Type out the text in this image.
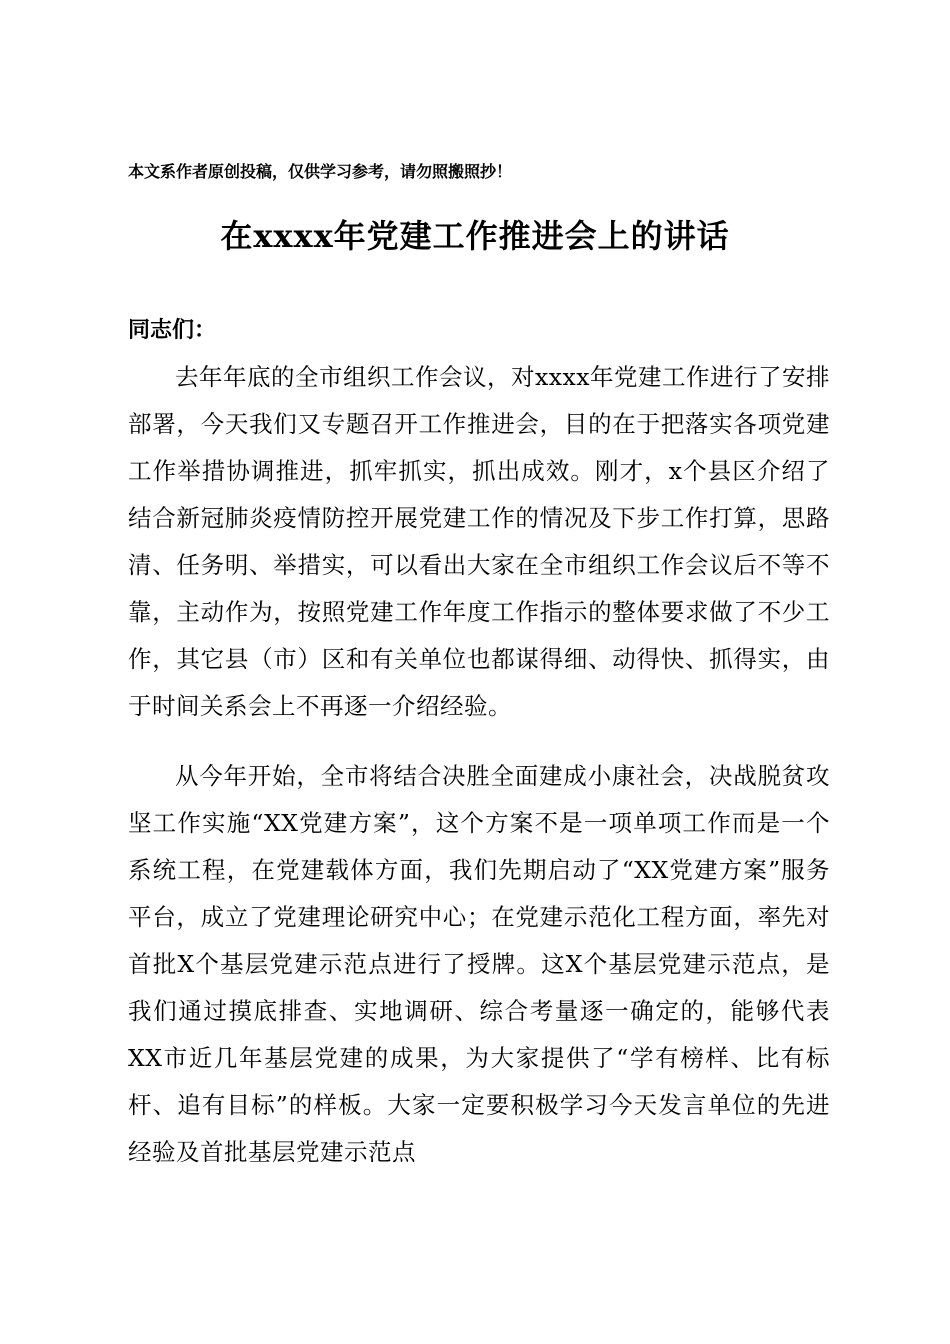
本文系作者原创投稿，仅供学习参考，请勿照搬照抄！
在xxxx年党建工作推进会上的讲话
同志们：

去年年底的全市组织工作会议，对xxxx年党建工作进行了安排部署，今天我们又专题召开工作推进会，目的在于把落实各项党建工作举措协调推进，抓牢抓实，抓出成效。刚才，x个县区介绍了结合新冠肺炎疫情防控开展党建工作的情况及下步工作打算，思路清、任务明、举措实，可以看出大家在全市组织工作会议后不等不靠，主动作为，按照党建工作年度工作指示的整体要求做了不少工作，其它县（市）区和有关单位也都谋得细、动得快、抓得实，由于时间关系会上不再逐一介绍经验。

从今年开始，全市将结合决胜全面建成小康社会，决战脱贫攻坚工作实施“XX党建方案”，这个方案不是一项单项工作而是一个系统工程，在党建载体方面，我们先期启动了“XX党建方案”服务平台，成立了党建理论研究中心；在党建示范化工程方面，率先对首批X个基层党建示范点进行了授牌。这X个基层党建示范点，是我们通过摸底排查、实地调研、综合考量逐一确定的，能够代表XX市近几年基层党建的成果，为大家提供了“学有榜样、比有标杆、追有目标”的样板。大家一定要积极学习今天发言单位的先进经验及首批基层党建示范点
